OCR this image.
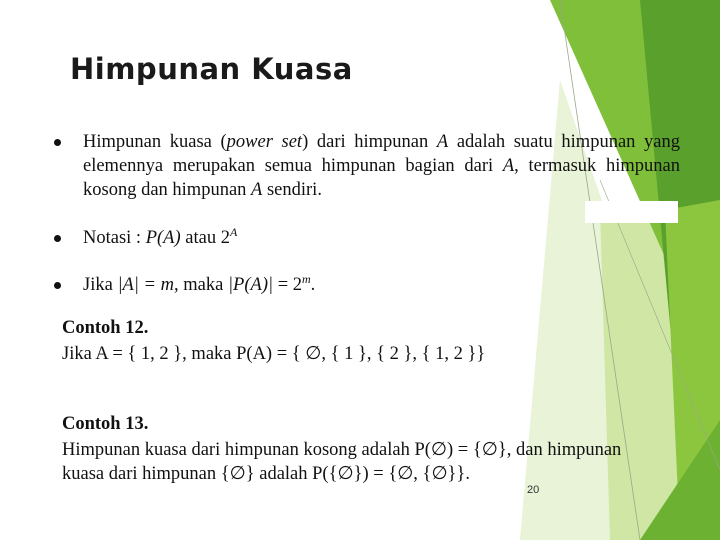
Himpunan Kuasa
Himpunan kuasa (power set) dari himpunan A adalah suatu himpunan yang elemennya merupakan semua himpunan bagian dari A, termasuk himpunan kosong dan himpunan A sendiri.
Notasi : P(A) atau $2^A$
Jika |A| = m, maka $|P(A)| = 2^m$.
Contoh 12.
Jika A = { 1, 2 }, maka P(A) = { ∅, { 1 }, { 2 }, { 1, 2 }}
Contoh 13.
Himpunan kuasa dari himpunan kosong adalah P(∅) = {∅}, dan himpunan kuasa dari himpunan {∅} adalah P({∅}) = {∅, {∅}}.
20
